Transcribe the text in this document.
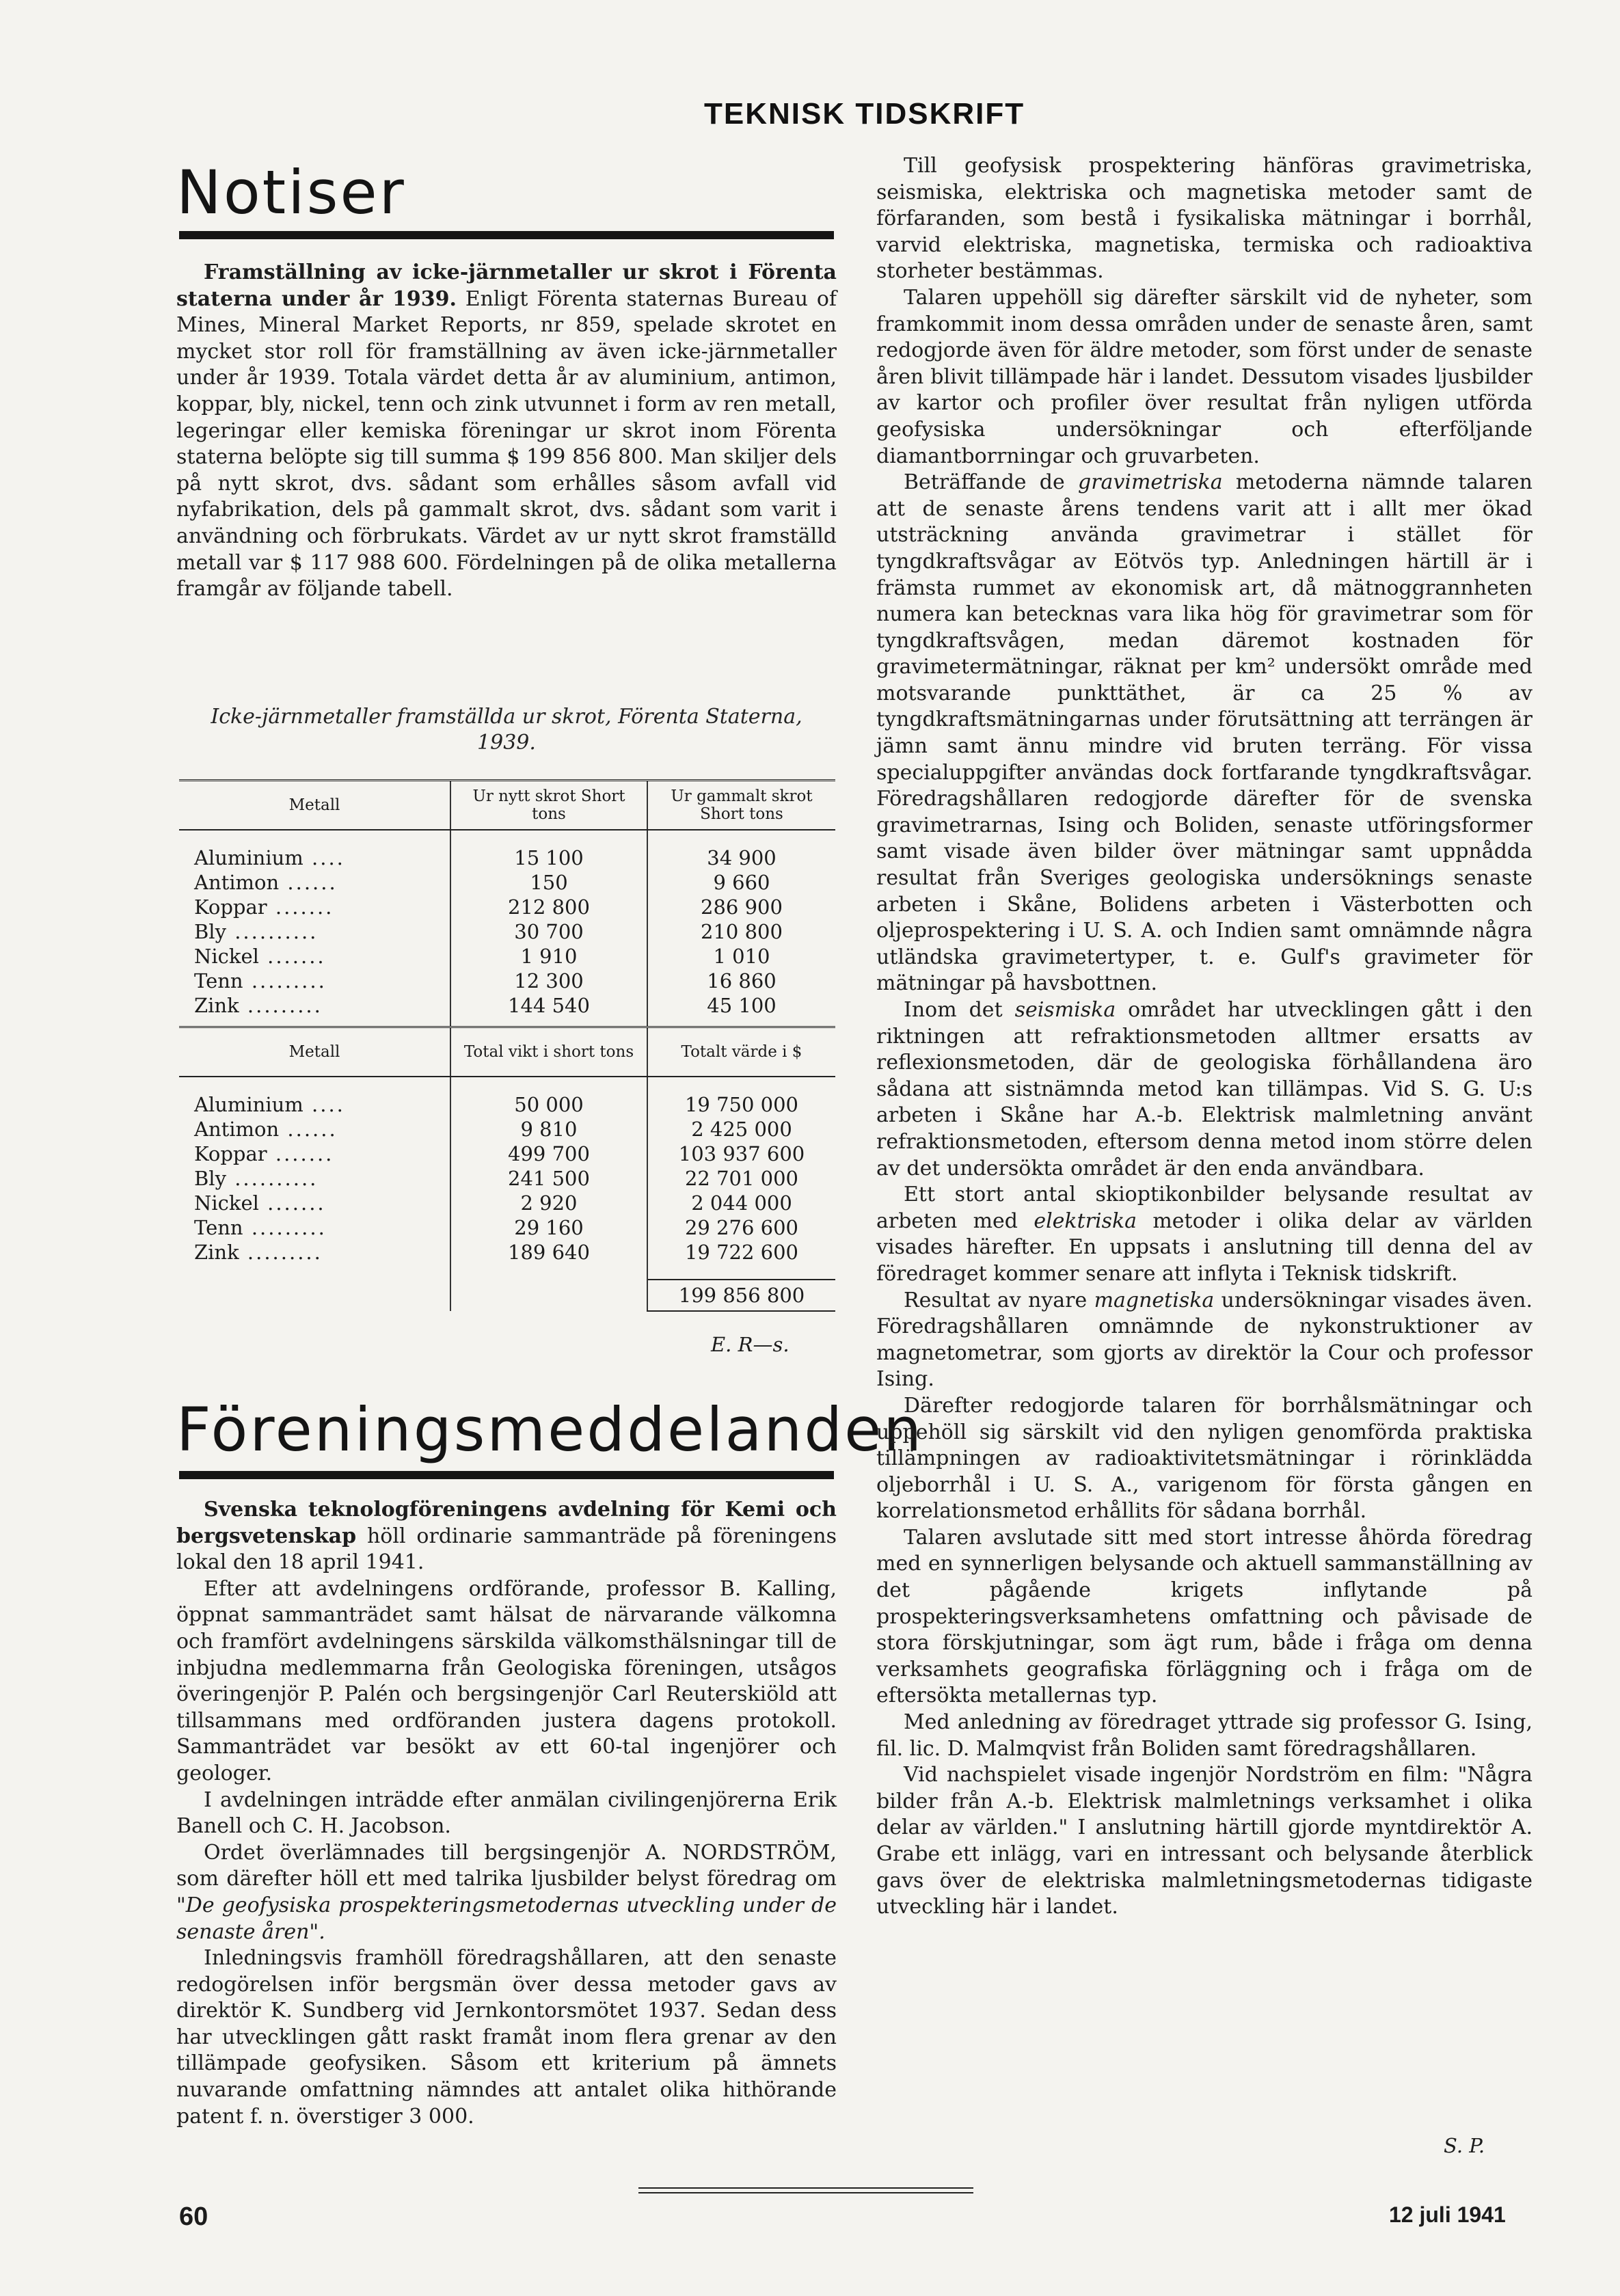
TEKNISK TIDSKRIFT
Notiser

Framställning av icke-järnmetaller ur skrot i Förenta staterna under år 1939. Enligt Förenta staternas Bureau of Mines, Mineral Market Reports, nr 859, spelade skrotet en mycket stor roll för framställning av även icke-järnmetaller under år 1939. Totala värdet detta år av aluminium, antimon, koppar, bly, nickel, tenn och zink utvunnet i form av ren metall, legeringar eller kemiska föreningar ur skrot inom Förenta staterna belöpte sig till summa $ 199 856 800. Man skiljer dels på nytt skrot, dvs. sådant som erhålles såsom avfall vid nyfabrikation, dels på gammalt skrot, dvs. sådant som varit i användning och förbrukats. Värdet av ur nytt skrot framställd metall var $ 117 988 600. Fördelningen på de olika metallerna framgår av följande tabell.

Icke-järnmetaller framställda ur skrot, Förenta Staterna,
1939.
Metall	Ur nytt skrot Short tons	Ur gammalt skrot Short tons

Aluminium ....	15 100	34 900
Antimon ......	150	9 660
Koppar .......	212 800	286 900
Bly ..........	30 700	210 800
Nickel .......	1 910	1 010
Tenn .........	12 300	16 860
Zink .........	144 540	45 100

Metall	Total vikt i short tons	Totalt värde i $

Aluminium ....	50 000	19 750 000
Antimon ......	9 810	2 425 000
Koppar .......	499 700	103 937 600
Bly ..........	241 500	22 701 000
Nickel .......	2 920	2 044 000
Tenn .........	29 160	29 276 600
Zink .........	189 640	19 722 600

		199 856 800
E. R—s.
Föreningsmeddelanden

Svenska teknologföreningens avdelning för Kemi och bergsvetenskap höll ordinarie sammanträde på föreningens lokal den 18 april 1941.

Efter att avdelningens ordförande, professor B. Kalling, öppnat sammanträdet samt hälsat de närvarande välkomna och framfört avdelningens särskilda välkomsthälsningar till de inbjudna medlemmarna från Geologiska föreningen, utsågos överingenjör P. Palén och bergsingenjör Carl Reuterskiöld att tillsammans med ordföranden justera dagens protokoll. Sammanträdet var besökt av ett 60-tal ingenjörer och geologer.

I avdelningen inträdde efter anmälan civilingenjörerna Erik Banell och C. H. Jacobson.

Ordet överlämnades till bergsingenjör A. NORDSTRÖM, som därefter höll ett med talrika ljusbilder belyst föredrag om "De geofysiska prospekteringsmetodernas utveckling under de senaste åren".

Inledningsvis framhöll föredragshållaren, att den senaste redogörelsen inför bergsmän över dessa metoder gavs av direktör K. Sundberg vid Jernkontorsmötet 1937. Sedan dess har utvecklingen gått raskt framåt inom flera grenar av den tillämpade geofysiken. Såsom ett kriterium på ämnets nuvarande omfattning nämndes att antalet olika hithörande patent f. n. överstiger 3 000.

Till geofysisk prospektering hänföras gravimetriska, seismiska, elektriska och magnetiska metoder samt de förfaranden, som bestå i fysikaliska mätningar i borrhål, varvid elektriska, magnetiska, termiska och radioaktiva storheter bestämmas.

Talaren uppehöll sig därefter särskilt vid de nyheter, som framkommit inom dessa områden under de senaste åren, samt redogjorde även för äldre metoder, som först under de senaste åren blivit tillämpade här i landet. Dessutom visades ljusbilder av kartor och profiler över resultat från nyligen utförda geofysiska undersökningar och efterföljande diamantborrningar och gruvarbeten.

Beträffande de gravimetriska metoderna nämnde talaren att de senaste årens tendens varit att i allt mer ökad utsträckning använda gravimetrar i stället för tyngdkraftsvågar av Eötvös typ. Anledningen härtill är i främsta rummet av ekonomisk art, då mätnoggrannheten numera kan betecknas vara lika hög för gravimetrar som för tyngdkraftsvågen, medan däremot kostnaden för gravimetermätningar, räknat per km² undersökt område med motsvarande punkttäthet, är ca 25 % av tyngdkraftsmätningarnas under förutsättning att terrängen är jämn samt ännu mindre vid bruten terräng. För vissa specialuppgifter användas dock fortfarande tyngdkraftsvågar. Föredragshållaren redogjorde därefter för de svenska gravimetrarnas, Ising och Boliden, senaste utföringsformer samt visade även bilder över mätningar samt uppnådda resultat från Sveriges geologiska undersöknings senaste arbeten i Skåne, Bolidens arbeten i Västerbotten och oljeprospektering i U. S. A. och Indien samt omnämnde några utländska gravimetertyper, t. e. Gulf's gravimeter för mätningar på havsbottnen.

Inom det seismiska området har utvecklingen gått i den riktningen att refraktionsmetoden alltmer ersatts av reflexionsmetoden, där de geologiska förhållandena äro sådana att sistnämnda metod kan tillämpas. Vid S. G. U:s arbeten i Skåne har A.-b. Elektrisk malmletning använt refraktionsmetoden, eftersom denna metod inom större delen av det undersökta området är den enda användbara.

Ett stort antal skioptikonbilder belysande resultat av arbeten med elektriska metoder i olika delar av världen visades härefter. En uppsats i anslutning till denna del av föredraget kommer senare att inflyta i Teknisk tidskrift.

Resultat av nyare magnetiska undersökningar visades även. Föredragshållaren omnämnde de nykonstruktioner av magnetometrar, som gjorts av direktör la Cour och professor Ising.

Därefter redogjorde talaren för borrhålsmätningar och uppehöll sig särskilt vid den nyligen genomförda praktiska tillämpningen av radioaktivitetsmätningar i rörinklädda oljeborrhål i U. S. A., varigenom för första gången en korrelationsmetod erhållits för sådana borrhål.

Talaren avslutade sitt med stort intresse åhörda föredrag med en synnerligen belysande och aktuell sammanställning av det pågående krigets inflytande på prospekteringsverksamhetens omfattning och påvisade de stora förskjutningar, som ägt rum, både i fråga om denna verksamhets geografiska förläggning och i fråga om de eftersökta metallernas typ.

Med anledning av föredraget yttrade sig professor G. Ising, fil. lic. D. Malmqvist från Boliden samt föredragshållaren.

Vid nachspielet visade ingenjör Nordström en film: "Några bilder från A.-b. Elektrisk malmletnings verksamhet i olika delar av världen." I anslutning härtill gjorde myntdirektör A. Grabe ett inlägg, vari en intressant och belysande återblick gavs över de elektriska malmletningsmetodernas tidigaste utveckling här i landet.

S. P.
60	12 juli 1941
